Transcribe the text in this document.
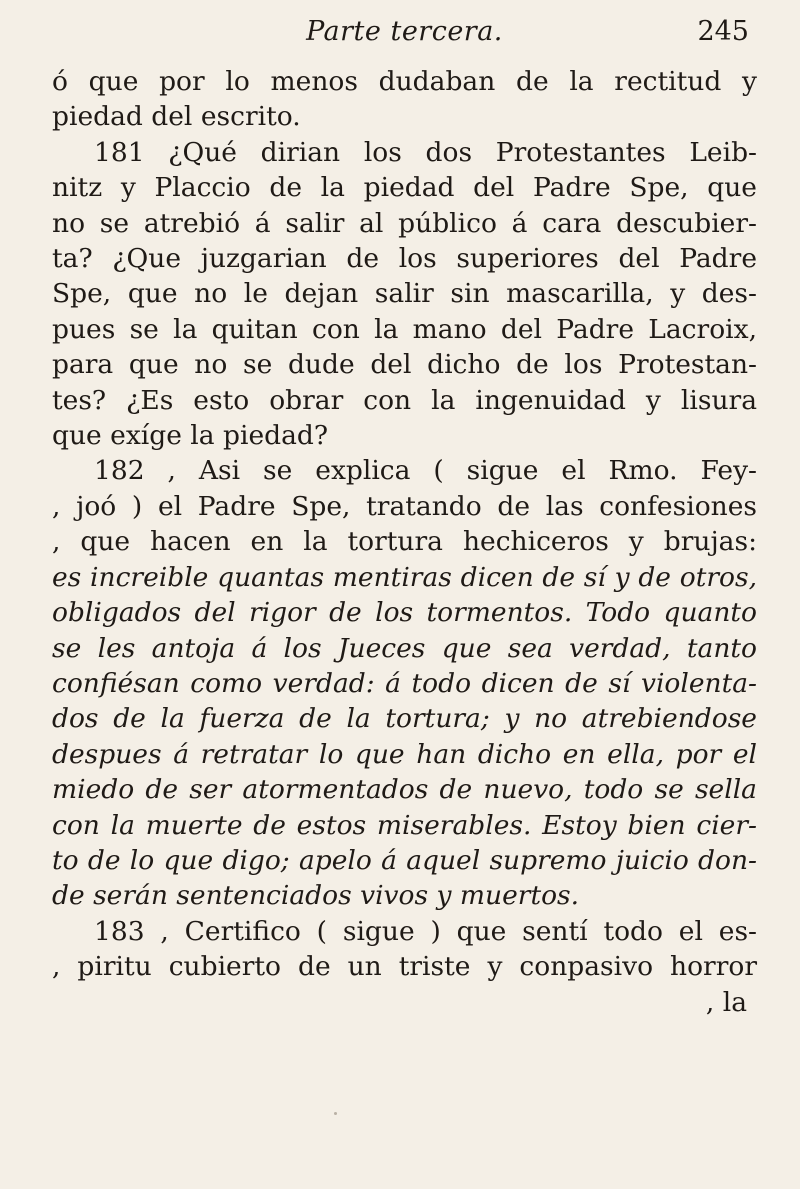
Parte tercera.	245
ó que por lo menos dudaban de la rectitud y
piedad del escrito.
181 ¿Qué dirian los dos Protestantes Leib-
nitz y Placcio de la piedad del Padre Spe, que
no se atrebió á salir al público á cara descubier-
ta? ¿Que juzgarian de los superiores del Padre
Spe, que no le dejan salir sin mascarilla, y des-
pues se la quitan con la mano del Padre Lacroix,
para que no se dude del dicho de los Protestan-
tes? ¿Es esto obrar con la ingenuidad y lisura
que exíge la piedad?
182 , Asi se explica ( sigue el Rmo. Fey-
, joó ) el Padre Spe, tratando de las confesiones
, que hacen en la tortura hechiceros y brujas:
es increible quantas mentiras dicen de sí y de otros,
obligados del rigor de los tormentos. Todo quanto
se les antoja á los Jueces que sea verdad, tanto
confiésan como verdad: á todo dicen de sí violenta-
dos de la fuerza de la tortura; y no atrebiendose
despues á retratar lo que han dicho en ella, por el
miedo de ser atormentados de nuevo, todo se sella
con la muerte de estos miserables. Estoy bien cier-
to de lo que digo; apelo á aquel supremo juicio don-
de serán sentenciados vivos y muertos.
183 , Certifico ( sigue ) que sentí todo el es-
, piritu cubierto de un triste y conpasivo horror
, la
